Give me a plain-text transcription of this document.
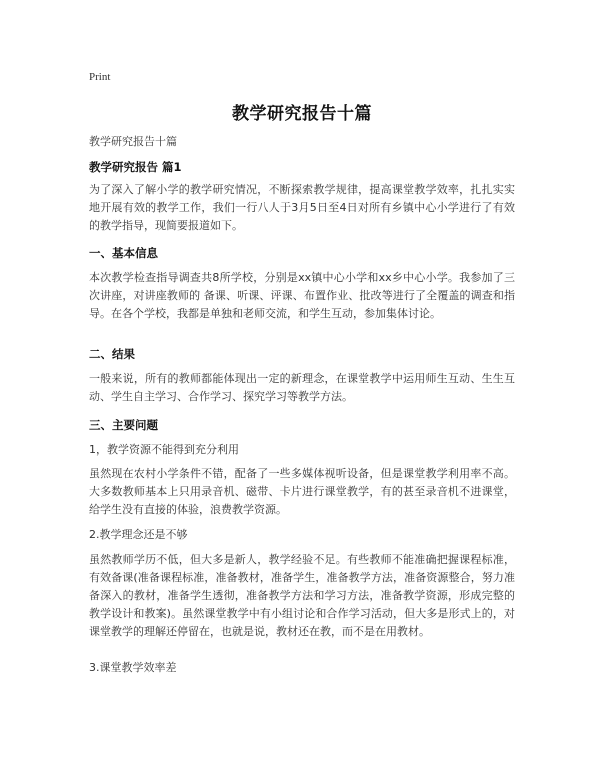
Print
教学研究报告十篇
教学研究报告十篇
教学研究报告 篇1
为了深入了解小学的教学研究情况，不断探索教学规律，提高课堂教学效率，扎扎实实地开展有效的教学工作，我们一行八人于3月5日至4日对所有乡镇中心小学进行了有效的教学指导，现简要报道如下。
一、基本信息
本次教学检查指导调查共8所学校，分别是xx镇中心小学和xx乡中心小学。我参加了三次讲座，对讲座教师的 备课、听课、评课、布置作业、批改等进行了全覆盖的调查和指导。在各个学校，我都是单独和老师交流，和学生互动，参加集体讨论。
二、结果
一般来说，所有的教师都能体现出一定的新理念，在课堂教学中运用师生互动、生生互动、学生自主学习、合作学习、探究学习等教学方法。
三、主要问题
1，教学资源不能得到充分利用
虽然现在农村小学条件不错，配备了一些多媒体视听设备，但是课堂教学利用率不高。大多数教师基本上只用录音机、磁带、卡片进行课堂教学，有的甚至录音机不进课堂，给学生没有直接的体验，浪费教学资源。
2.教学理念还是不够
虽然教师学历不低，但大多是新人，教学经验不足。有些教师不能准确把握课程标准，有效备课(准备课程标准，准备教材，准备学生，准备教学方法，准备资源整合，努力准备深入的教材，准备学生透彻，准备教学方法和学习方法，准备教学资源，形成完整的教学设计和教案)。虽然课堂教学中有小组讨论和合作学习活动，但大多是形式上的，对课堂教学的理解还停留在，也就是说，教材还在教，而不是在用教材。
3.课堂教学效率差
